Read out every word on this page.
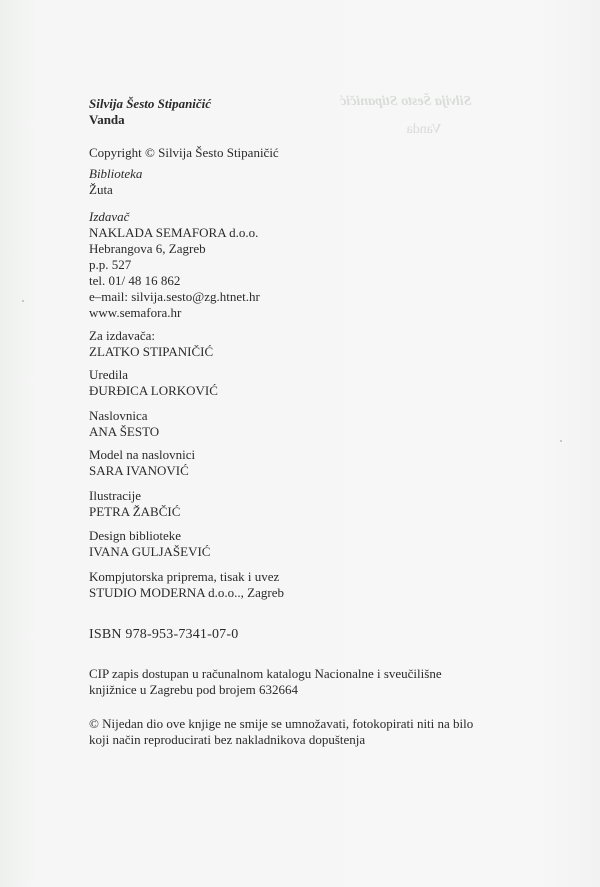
Silvija Šesto Stipaničić
Vanda
Silvija Šesto Stipaničić
Vanda
Copyright © Silvija Šesto Stipaničić
Biblioteka
Žuta
Izdavač
NAKLADA SEMAFORA d.o.o.
Hebrangova 6, Zagreb
p.p. 527
tel. 01/ 48 16 862
e–mail: silvija.sesto@zg.htnet.hr
www.semafora.hr
Za izdavača:
ZLATKO STIPANIČIĆ
Uredila
ĐURĐICA LORKOVIĆ
Naslovnica
ANA ŠESTO
Model na naslovnici
SARA IVANOVIĆ
Ilustracije
PETRA ŽABČIĆ
Design biblioteke
IVANA GULJAŠEVIĆ
Kompjutorska priprema, tisak i uvez
STUDIO MODERNA d.o.o.., Zagreb
ISBN 978-953-7341-07-0
CIP zapis dostupan u računalnom katalogu Nacionalne i sveučilišne
knjižnice u Zagrebu pod brojem 632664
© Nijedan dio ove knjige ne smije se umnožavati, fotokopirati niti na bilo
koji način reproducirati bez nakladnikova dopuštenja
